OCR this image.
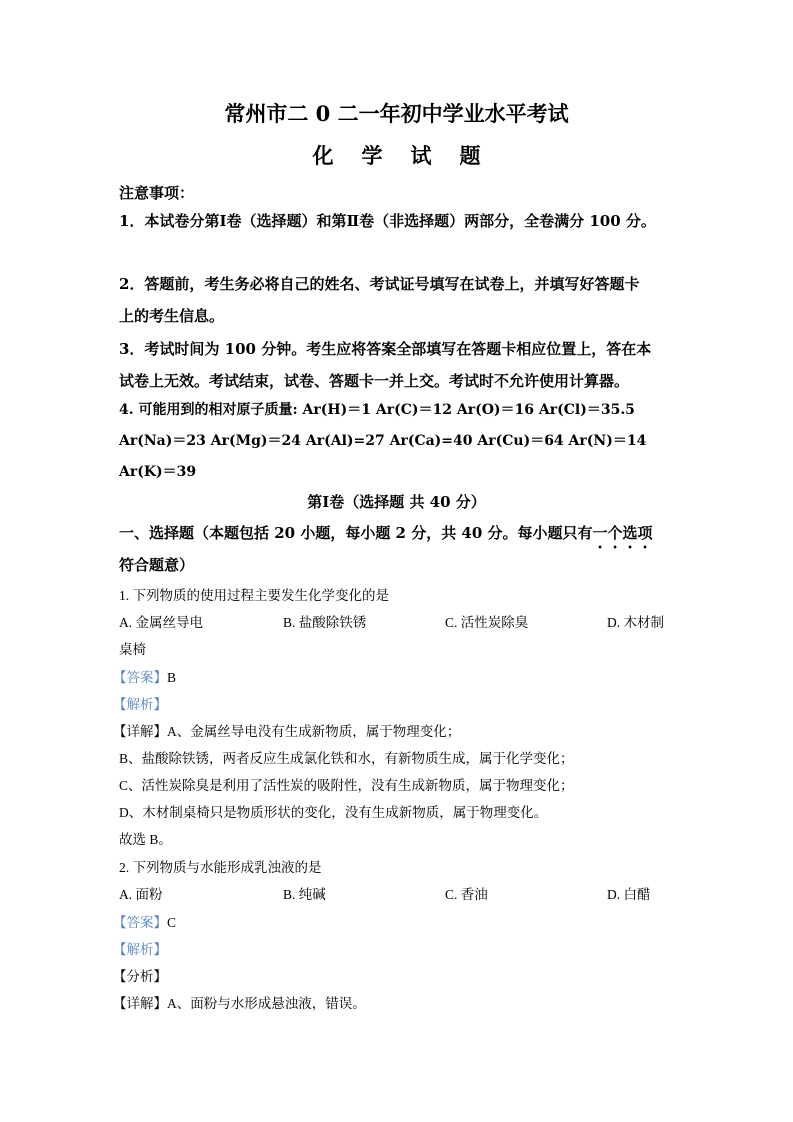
常州市二 0 二一年初中学业水平考试
化学试题
注意事项：
1．本试卷分第Ⅰ卷（选择题）和第Ⅱ卷（非选择题）两部分，全卷满分 100 分。
2．答题前，考生务必将自己的姓名、考试证号填写在试卷上，并填写好答题卡
上的考生信息。
3．考试时间为 100 分钟。考生应将答案全部填写在答题卡相应位置上，答在本
试卷上无效。考试结束，试卷、答题卡一并上交。考试时不允许使用计算器。
4. 可能用到的相对原子质量: Ar(H)＝1 Ar(C)＝12 Ar(O)＝16 Ar(Cl)＝35.5
Ar(Na)＝23 Ar(Mg)＝24 Ar(Al)=27 Ar(Ca)=40 Ar(Cu)＝64 Ar(N)＝14
Ar(K)＝39
第Ⅰ卷（选择题 共 40 分）
一、选择题（本题包括 20 小题，每小题 2 分，共 40 分。每小题只有一个选项
符合题意）
1. 下列物质的使用过程主要发生化学变化的是
A. 金属丝导电	B. 盐酸除铁锈	C. 活性炭除臭	D. 木材制
桌椅
【答案】B
【解析】
【详解】A、金属丝导电没有生成新物质，属于物理变化；
B、盐酸除铁锈，两者反应生成氯化铁和水，有新物质生成，属于化学变化；
C、活性炭除臭是利用了活性炭的吸附性，没有生成新物质，属于物理变化；
D、木材制桌椅只是物质形状的变化，没有生成新物质，属于物理变化。
故选 B。
2. 下列物质与水能形成乳浊液的是
A. 面粉	B. 纯碱	C. 香油	D. 白醋
【答案】C
【解析】
【分析】
【详解】A、面粉与水形成悬浊液，错误。
